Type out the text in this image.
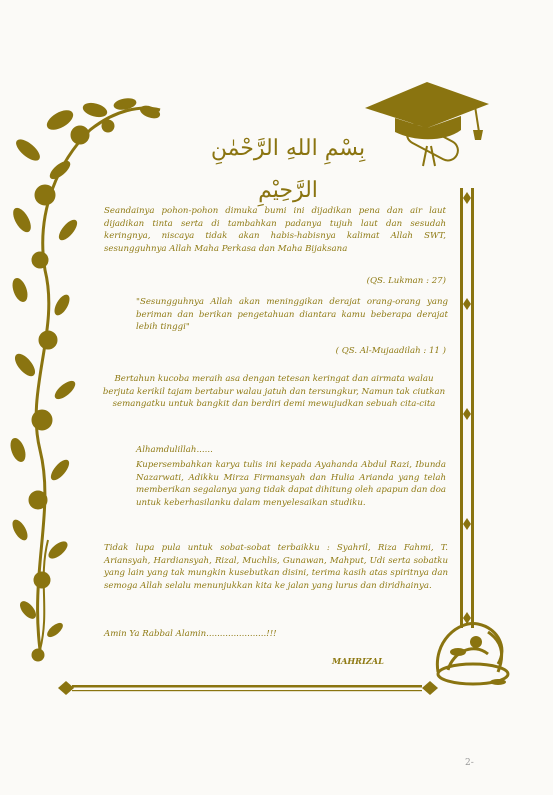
بِسْمِ اللهِ الرَّحْمٰنِ الرَّحِيْمِ
Seandainya pohon-pohon dimuka bumi ini dijadikan pena dan air laut
dijadikan tinta serta di tambahkan padanya tujuh laut dan sesudah
keringnya, niscaya tidak akan habis-habisnya kalimat Allah SWT,
sesungguhnya Allah Maha Perkasa dan Maha Bijaksana
(QS. Lukman : 27)
"Sesungguhnya Allah akan meninggikan derajat orang-orang yang beriman dan berikan pengetahuan diantara kamu beberapa derajat lebih tinggi"
( QS. Al-Mujaadilah : 11 )
Bertahun kucoba meraih asa dengan tetesan keringat dan airmata walau berjuta kerikil tajam bertabur walau jatuh dan tersungkur, Namun tak ciutkan semangatku untuk bangkit dan berdiri demi mewujudkan sebuah cita-cita
Alhamdulillah......
Kupersembahkan karya tulis ini kepada Ayahanda Abdul Razi, Ibunda Nazarwati, Adikku Mirza Firmansyah dan Hulia Arianda yang telah memberikan segalanya yang tidak dapat dihitung oleh apapun dan doa untuk keberhasilanku dalam menyelesaikan studiku.
Tidak lupa pula untuk sobat-sobat terbaikku : Syahril, Riza Fahmi, T. Ariansyah, Hardiansyah, Rizal, Muchlis, Gunawan, Mahput, Udi serta sobatku yang lain yang tak mungkin kusebutkan disini, terima kasih atas spiritnya dan semoga Allah selalu menunjukkan kita ke jalan yang lurus dan diridhainya.
Amin Ya Rabbal Alamin......................!!!
MAHRIZAL
2-
